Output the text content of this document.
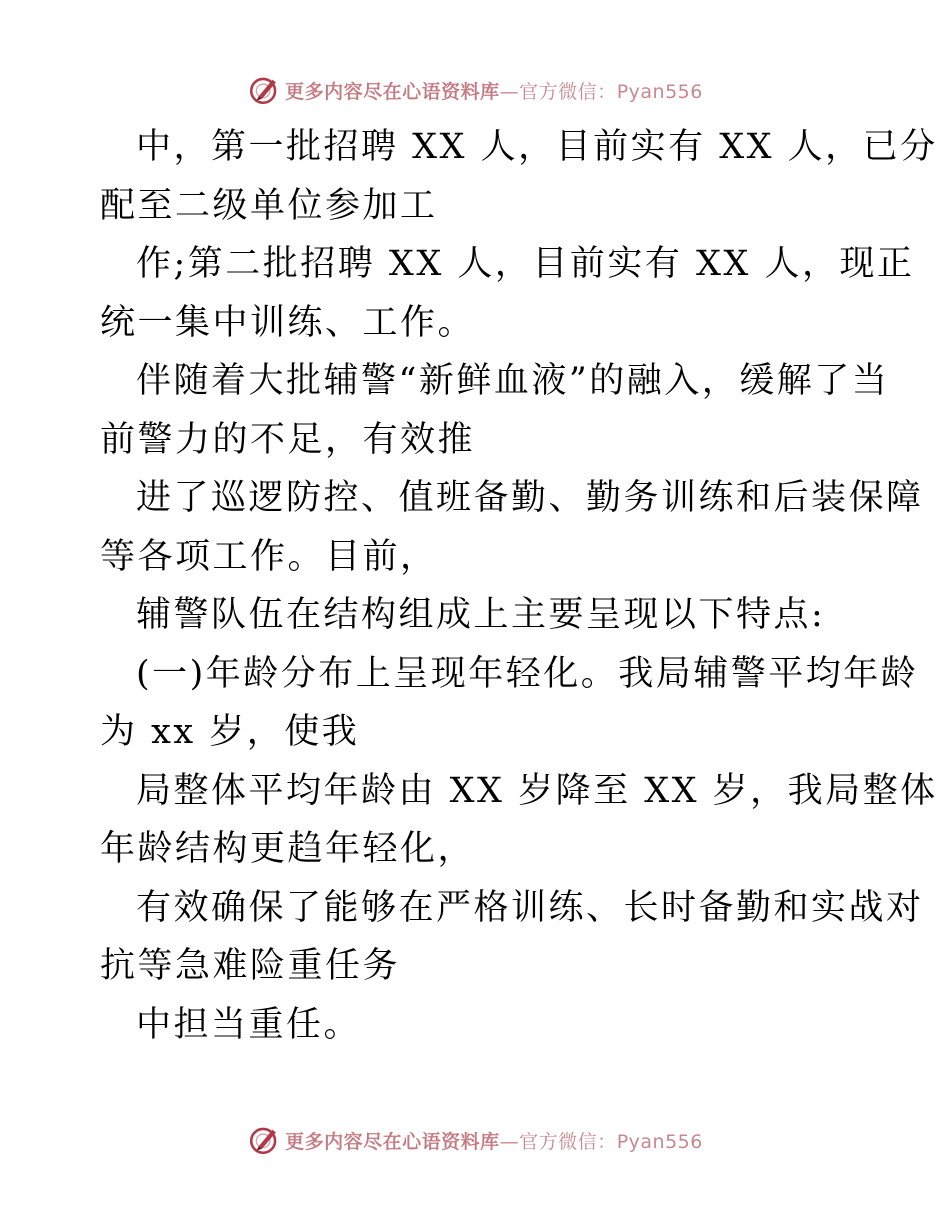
更多内容尽在心语资料库—官方微信：Pyan556
中，第一批招聘 XX 人，目前实有 XX 人，已分
配至二级单位参加工
作;第二批招聘 XX 人，目前实有 XX 人，现正
统一集中训练、工作。
伴随着大批辅警“新鲜血液”的融入，缓解了当
前警力的不足，有效推
进了巡逻防控、值班备勤、勤务训练和后装保障
等各项工作。目前，
辅警队伍在结构组成上主要呈现以下特点:
(一)年龄分布上呈现年轻化。我局辅警平均年龄
为 xx 岁，使我
局整体平均年龄由 XX 岁降至 XX 岁，我局整体
年龄结构更趋年轻化，
有效确保了能够在严格训练、长时备勤和实战对
抗等急难险重任务
中担当重任。
更多内容尽在心语资料库—官方微信：Pyan556
